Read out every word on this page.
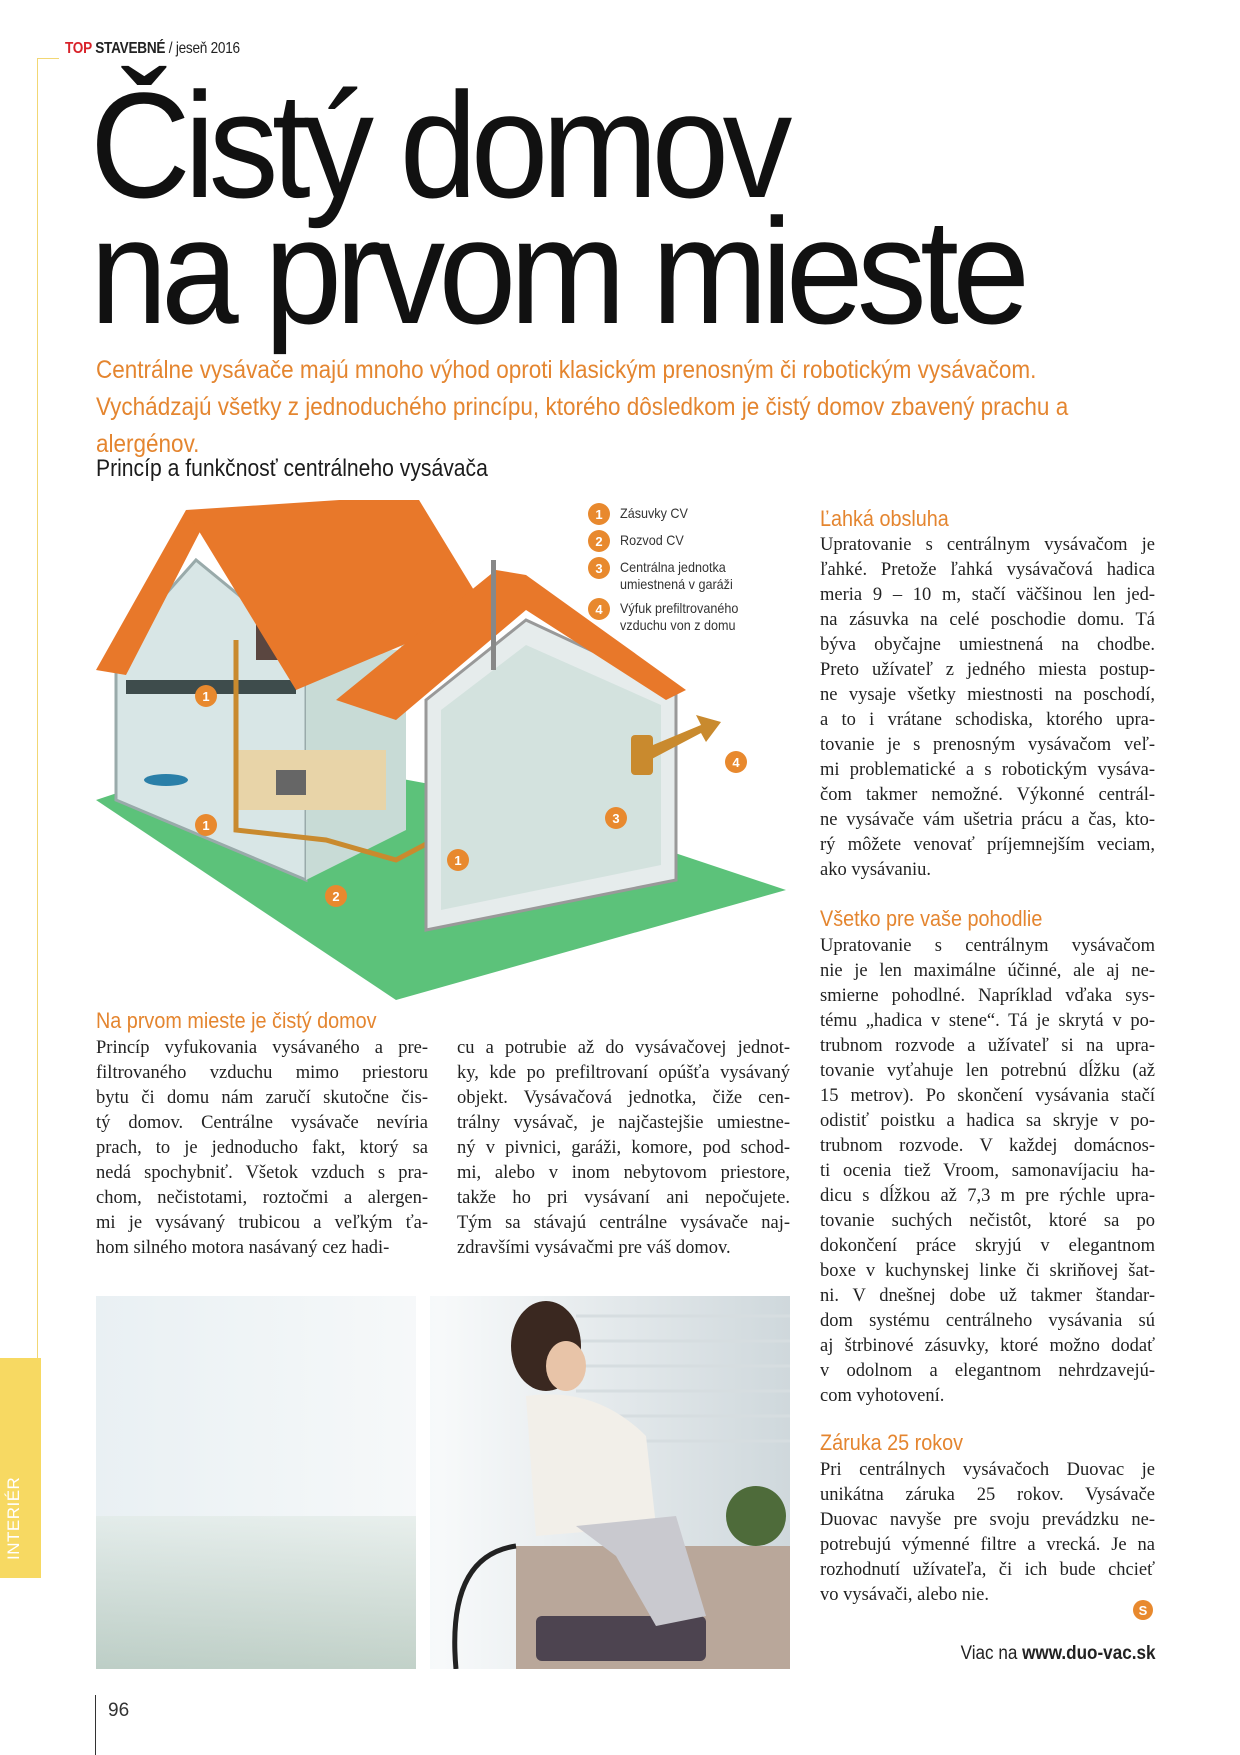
TOP STAVEBNÉ / jeseň 2016
INTERIÉR
Čistý domov
na prvom mieste
Centrálne vysávače majú mnoho výhod oproti klasickým prenosným či robotickým vysávačom. Vychádzajú všetky z jednoduchého princípu, ktorého dôsledkom je čistý domov zbavený prachu a alergénov.
Princíp a funkčnosť centrálneho vysávača
1
1
1
2
3
4
1	Zásuvky CV
2	Rozvod CV
3	Centrálna jednotka
umiestnená v garáži
4	Výfuk prefiltrovaného
vzduchu von z domu
Na prvom mieste je čistý domov
Princíp vyfukovania vysávaného a pre-
filtrovaného vzduchu mimo priestoru
bytu či domu nám zaručí skutočne čis-
tý domov. Centrálne vysávače nevíria
prach, to je jednoducho fakt, ktorý sa
nedá spochybniť. Všetok vzduch s pra-
chom, nečistotami, roztočmi a alergen-
mi je vysávaný trubicou a veľkým ťa-
hom silného motora nasávaný cez hadi-
cu a potrubie až do vysávačovej jednot-
ky, kde po prefiltrovaní opúšťa vysávaný
objekt. Vysávačová jednotka, čiže cen-
trálny vysávač, je najčastejšie umiestne-
ný v pivnici, garáži, komore, pod schod-
mi, alebo v inom nebytovom priestore,
takže ho pri vysávaní ani nepočujete.
Tým sa stávajú centrálne vysávače naj-
zdravšími vysávačmi pre váš domov.
Ľahká obsluha
Upratovanie s centrálnym vysávačom je
ľahké. Pretože ľahká vysávačová hadica
meria 9 – 10 m, stačí väčšinou len jed-
na zásuvka na celé poschodie domu. Tá
býva obyčajne umiestnená na chodbe.
Preto užívateľ z jedného miesta postup-
ne vysaje všetky miestnosti na poschodí,
a to i vrátane schodiska, ktorého upra-
tovanie je s prenosným vysávačom veľ-
mi problematické a s robotickým vysáva-
čom takmer nemožné. Výkonné centrál-
ne vysávače vám ušetria prácu a čas, kto-
rý môžete venovať príjemnejším veciam,
ako vysávaniu.
Všetko pre vaše pohodlie
Upratovanie s centrálnym vysávačom
nie je len maximálne účinné, ale aj ne-
smierne pohodlné. Napríklad vďaka sys-
tému „hadica v stene“. Tá je skrytá v po-
trubnom rozvode a užívateľ si na upra-
tovanie vyťahuje len potrebnú dĺžku (až
15 metrov). Po skončení vysávania stačí
odistiť poistku a hadica sa skryje v po-
trubnom rozvode. V každej domácnos-
ti ocenia tiež Vroom, samonavíjaciu ha-
dicu s dĺžkou až 7,3 m pre rýchle upra-
tovanie suchých nečistôt, ktoré sa po
dokončení práce skryjú v elegantnom
boxe v kuchynskej linke či skriňovej šat-
ni. V dnešnej dobe už takmer štandar-
dom systému centrálneho vysávania sú
aj štrbinové zásuvky, ktoré možno dodať
v odolnom a elegantnom nehrdzavejú-
com vyhotovení.
Záruka 25 rokov
Pri centrálnych vysávačoch Duovac je
unikátna záruka 25 rokov. Vysávače
Duovac navyše pre svoju prevádzku ne-
potrebujú výmenné filtre a vrecká. Je na
rozhodnutí užívateľa, či ich bude chcieť
vo vysávači, alebo nie.
S
Viac na www.duo-vac.sk
96
